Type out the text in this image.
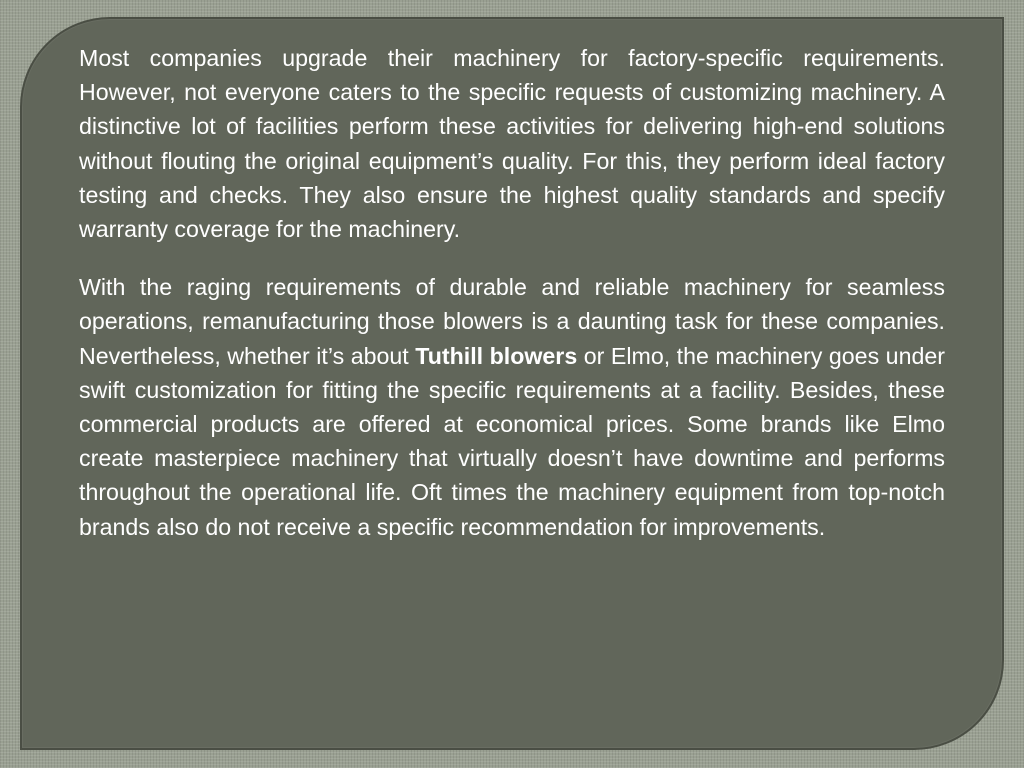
Most companies upgrade their machinery for factory-specific requirements. However, not everyone caters to the specific requests of customizing machinery. A distinctive lot of facilities perform these activities for delivering high-end solutions without flouting the original equipment’s quality. For this, they perform ideal factory testing and checks. They also ensure the highest quality standards and specify warranty coverage for the machinery.

With the raging requirements of durable and reliable machinery for seamless operations, remanufacturing those blowers is a daunting task for these companies. Nevertheless, whether it’s about Tuthill blowers or Elmo, the machinery goes under swift customization for fitting the specific requirements at a facility. Besides, these commercial products are offered at economical prices. Some brands like Elmo create masterpiece machinery that virtually doesn’t have downtime and performs throughout the operational life. Oft times the machinery equipment from top-notch brands also do not receive a specific recommendation for improvements.
